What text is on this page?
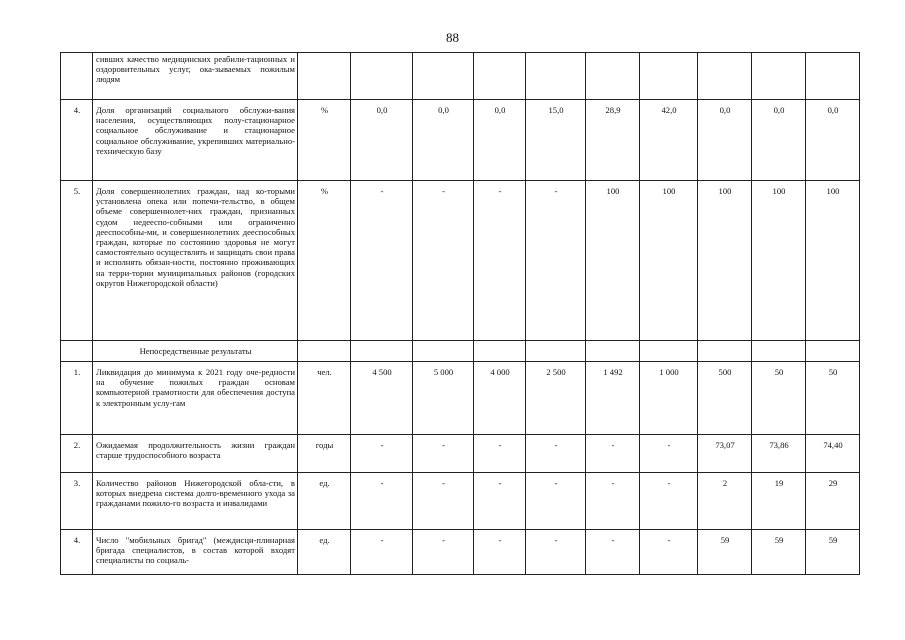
88
	сивших качество медицинских реабили-тационных и оздоровительных услуг, ока-зываемых пожилым людям										
4.	Доля организаций социального обслужи-вания населения, осуществляющих полу-стационарное социальное обслуживание и стационарное социальное обслуживание, укрепивших материально-техническую базу	%	0,0	0,0	0,0	15,0	28,9	42,0	0,0	0,0	0,0
5.	Доля совершеннолетних граждан, над ко-торыми установлена опека или попечи-тельство, в общем объеме совершеннолет-них граждан, признанных судом недееспо-собными или ограниченно дееспособны-ми, и совершеннолетних дееспособных граждан, которые по состоянию здоровья не могут самостоятельно осуществлять и защищать свои права и исполнять обязан-ности, постоянно проживающих на терри-тории муниципальных районов (городских округов Нижегородской области)	%	-	-	-	-	100	100	100	100	100
	Непосредственные результаты										
1.	Ликвидация до минимума к 2021 году оче-редности на обучение пожилых граждан основам компьютерной грамотности для обеспечения доступа к электронным услу-гам	чел.	4 500	5 000	4 000	2 500	1 492	1 000	500	50	50
2.	Ожидаемая продолжительность жизни граждан старше трудоспособного возраста	годы	-	-	-	-	-	-	73,07	73,86	74,40
3.	Количество районов Нижегородской обла-сти, в которых внедрена система долго-временного ухода за гражданами пожило-го возраста и инвалидами	ед.	-	-	-	-	-	-	2	19	29
4.	Число "мобильных бригад" (междисци-плинарная бригада специалистов, в состав которой входят специалисты по социаль-	ед.	-	-	-	-	-	-	59	59	59
